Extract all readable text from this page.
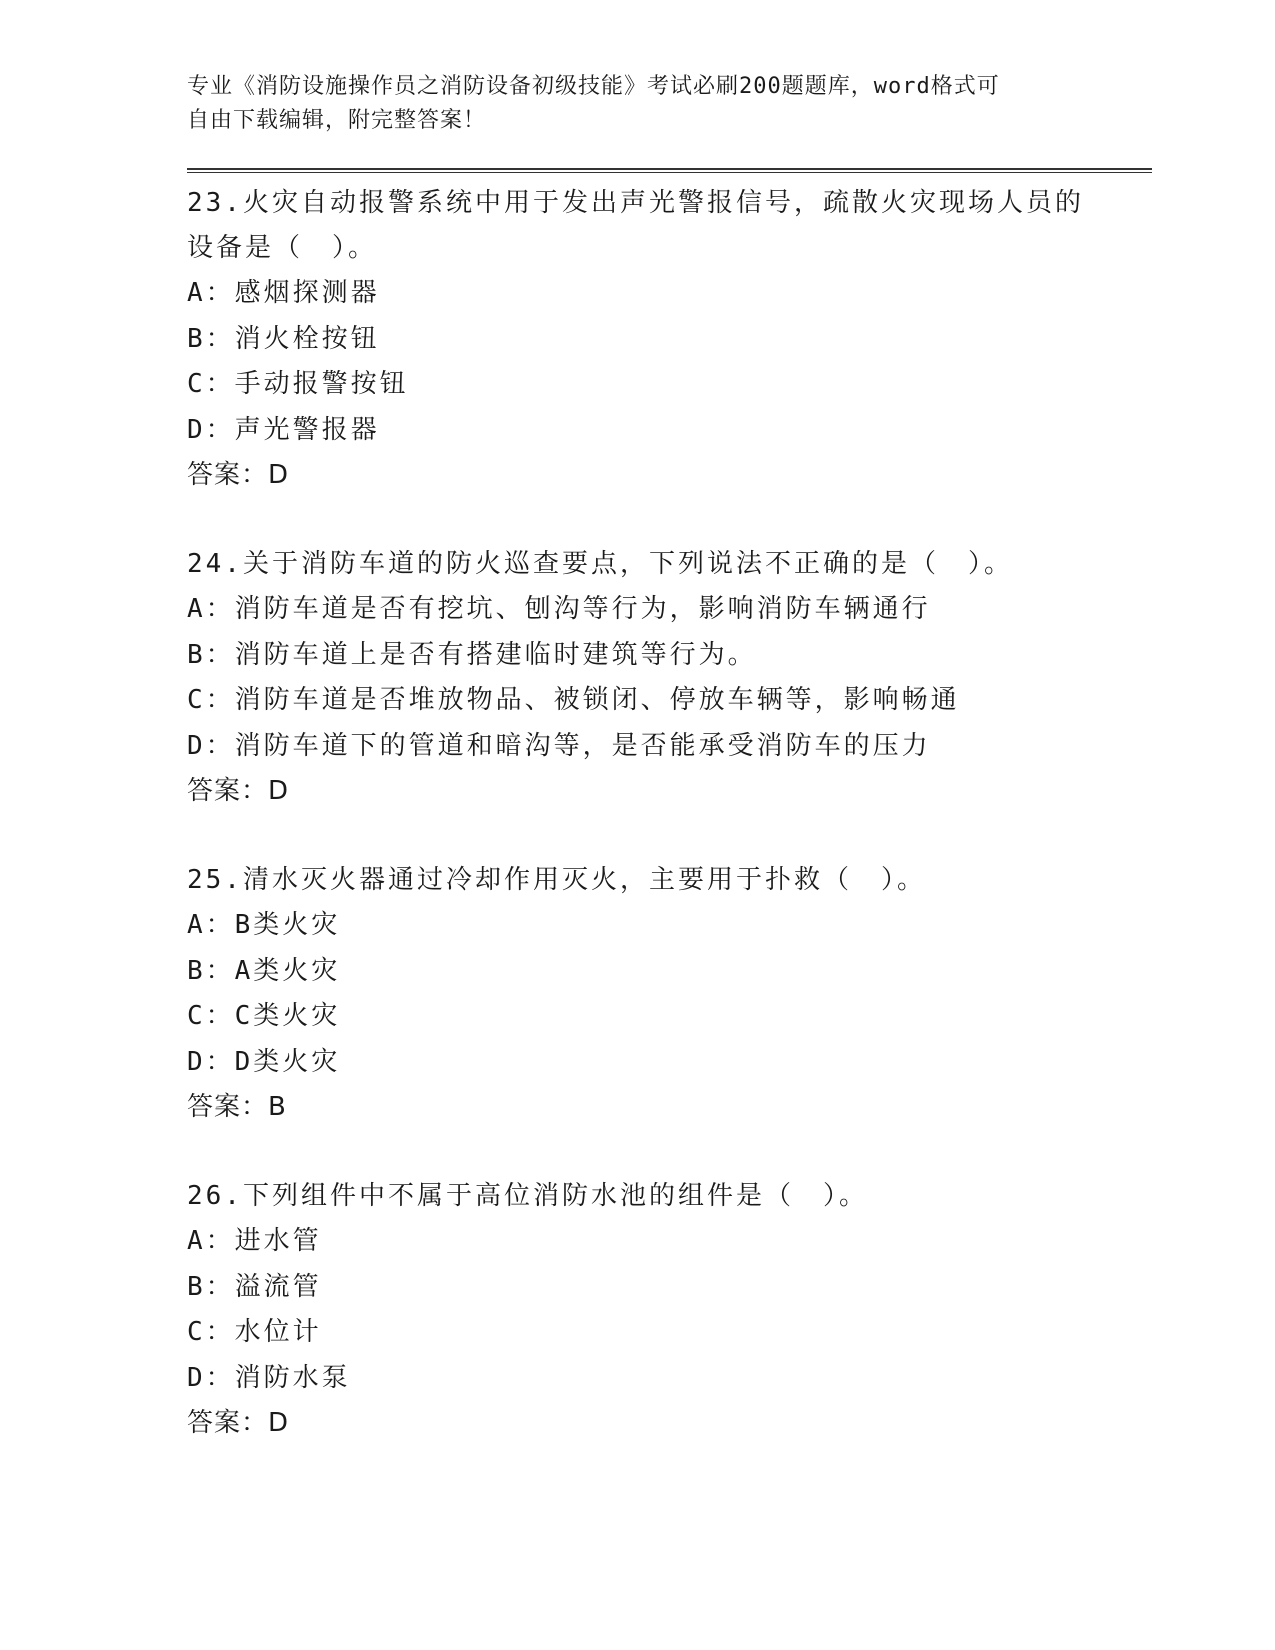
专业《消防设施操作员之消防设备初级技能》考试必刷200题题库，word格式可
自由下载编辑，附完整答案！
23.火灾自动报警系统中用于发出声光警报信号，疏散火灾现场人员的设备是（　）。
A：感烟探测器
B：消火栓按钮
C：手动报警按钮
D：声光警报器
答案：D
24.关于消防车道的防火巡查要点，下列说法不正确的是（　）。
A：消防车道是否有挖坑、刨沟等行为，影响消防车辆通行
B：消防车道上是否有搭建临时建筑等行为。
C：消防车道是否堆放物品、被锁闭、停放车辆等，影响畅通
D：消防车道下的管道和暗沟等，是否能承受消防车的压力
答案：D
25.清水灭火器通过冷却作用灭火，主要用于扑救（　）。
A：B类火灾
B：A类火灾
C：C类火灾
D：D类火灾
答案：B
26.下列组件中不属于高位消防水池的组件是（　）。
A：进水管
B：溢流管
C：水位计
D：消防水泵
答案：D
